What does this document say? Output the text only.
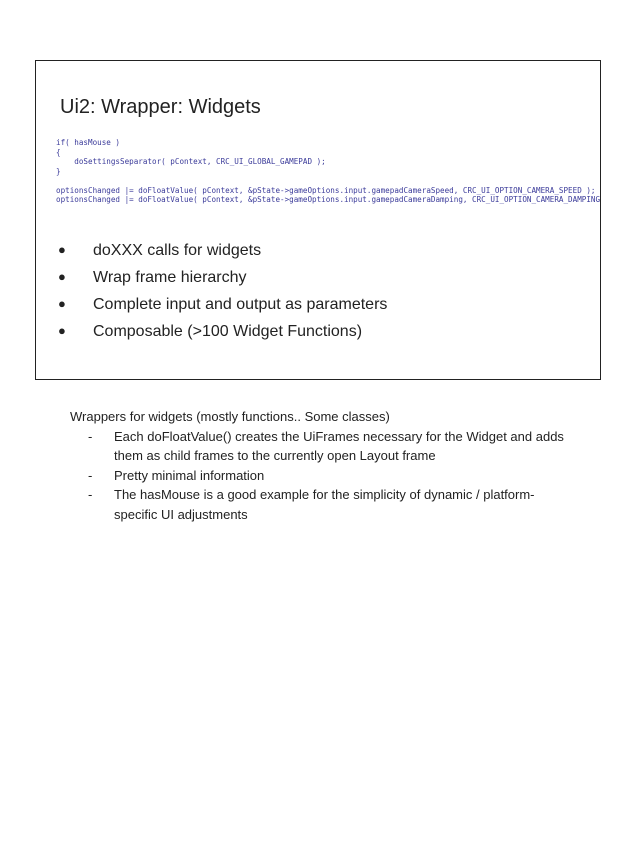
Ui2: Wrapper: Widgets
if( hasMouse )
{
doSettingsSeparator( pContext, CRC_UI_GLOBAL_GAMEPAD );
}

optionsChanged |= doFloatValue( pContext, &pState->gameOptions.input.gamepadCameraSpeed, CRC_UI_OPTION_CAMERA_SPEED );
optionsChanged |= doFloatValue( pContext, &pState->gameOptions.input.gamepadCameraDamping, CRC_UI_OPTION_CAMERA_DAMPING
● doXXX calls for widgets
● Wrap frame hierarchy
● Complete input and output as parameters
● Composable (>100 Widget Functions)

Wrappers for widgets (mostly functions.. Some classes)

- Each doFloatValue() creates the UiFrames necessary for the Widget and adds them as child frames to the currently open Layout frame
- Pretty minimal information
- The hasMouse is a good example for the simplicity of dynamic / platform-specific UI adjustments
